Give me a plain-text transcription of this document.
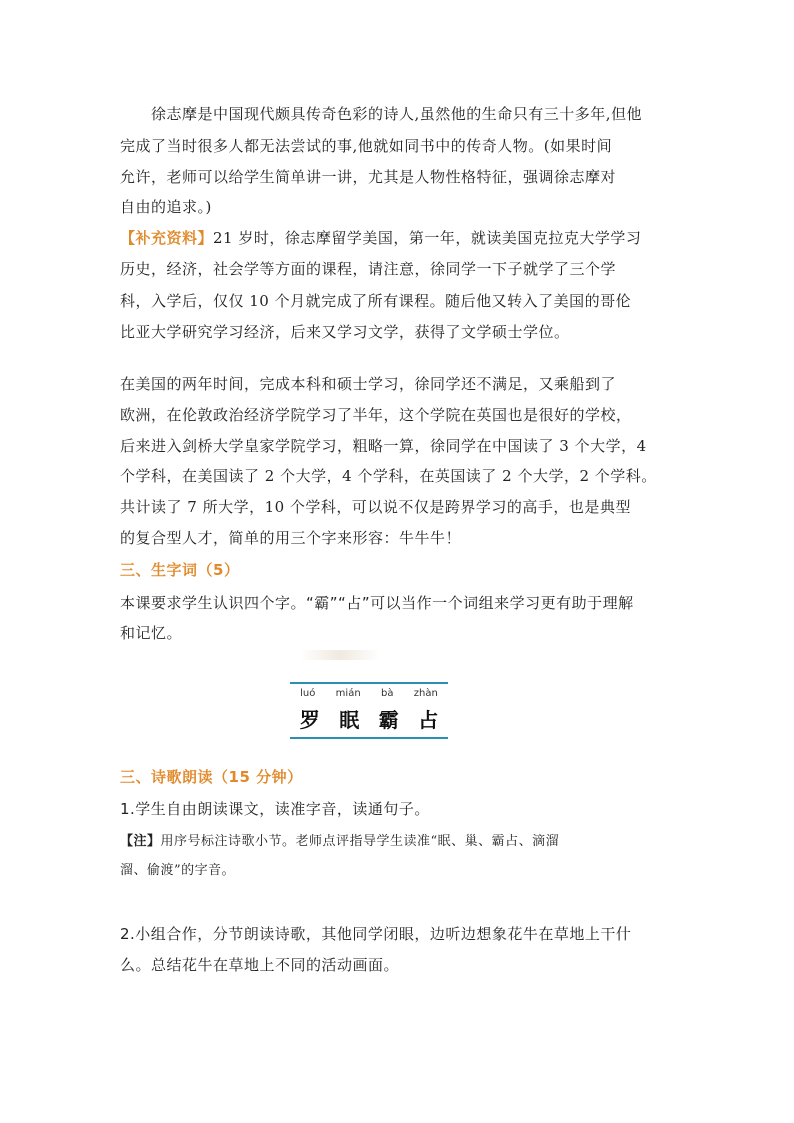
　　徐志摩是中国现代颇具传奇色彩的诗人,虽然他的生命只有三十多年,但他
完成了当时很多人都无法尝试的事,他就如同书中的传奇人物。(如果时间
允许，老师可以给学生简单讲一讲，尤其是人物性格特征，强调徐志摩对
自由的追求。)
【补充资料】21 岁时，徐志摩留学美国，第一年，就读美国克拉克大学学习
历史，经济，社会学等方面的课程，请注意，徐同学一下子就学了三个学
科，入学后，仅仅 10 个月就完成了所有课程。随后他又转入了美国的哥伦
比亚大学研究学习经济，后来又学习文学，获得了文学硕士学位。
在美国的两年时间，完成本科和硕士学习，徐同学还不满足，又乘船到了
欧洲，在伦敦政治经济学院学习了半年，这个学院在英国也是很好的学校，
后来进入剑桥大学皇家学院学习，粗略一算，徐同学在中国读了 3 个大学，4
个学科，在美国读了 2 个大学，4 个学科，在英国读了 2 个大学，2 个学科。
共计读了 7 所大学，10 个学科，可以说不仅是跨界学习的高手，也是典型
的复合型人才，简单的用三个字来形容：牛牛牛！
三、生字词（5）
本课要求学生认识四个字。“霸”“占”可以当作一个词组来学习更有助于理解
和记忆。
luó mián bà zhàn
罗 眠 霸 占
三、诗歌朗读（15 分钟）
1.学生自由朗读课文，读准字音，读通句子。
【注】用序号标注诗歌小节。老师点评指导学生读准“眠、巢、霸占、滴溜
溜、偷渡”的字音。
2.小组合作，分节朗读诗歌，其他同学闭眼，边听边想象花牛在草地上干什
么。总结花牛在草地上不同的活动画面。
